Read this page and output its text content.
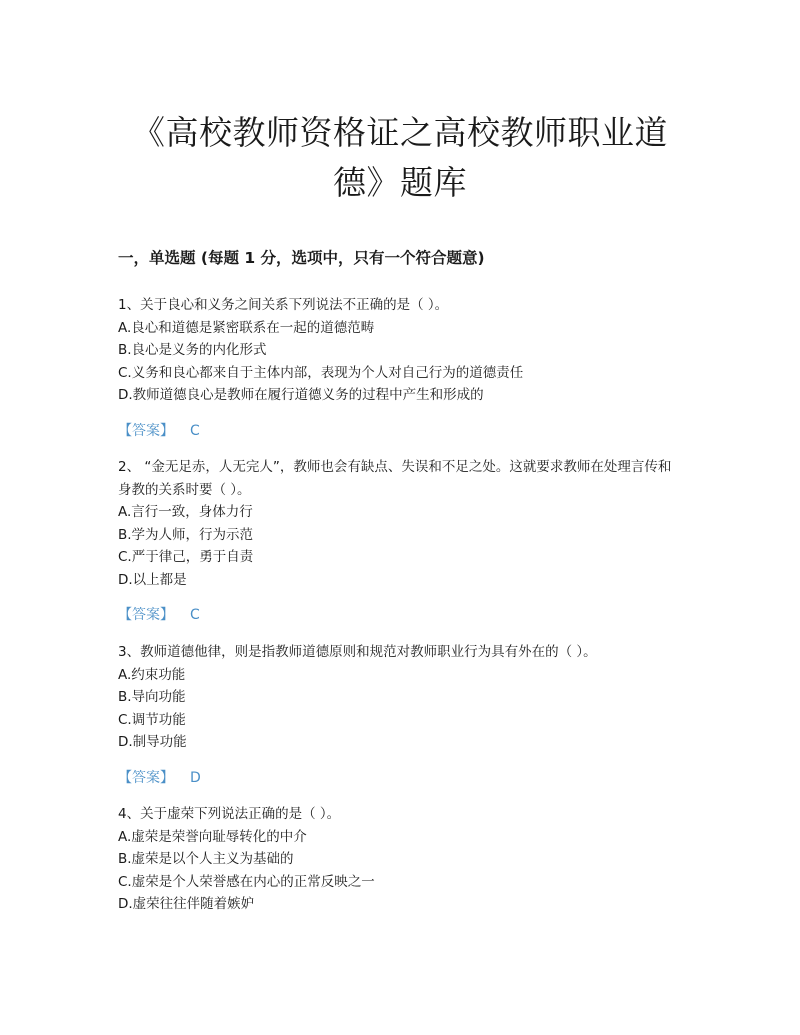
《高校教师资格证之高校教师职业道德》题库
一，单选题 (每题 1 分，选项中，只有一个符合题意)
1、关于良心和义务之间关系下列说法不正确的是（ ）。
A.良心和道德是紧密联系在一起的道德范畴
B.良心是义务的内化形式
C.义务和良心都来自于主体内部，表现为个人对自己行为的道德责任
D.教师道德良心是教师在履行道德义务的过程中产生和形成的
【答案】 C
2、 “金无足赤，人无完人”，教师也会有缺点、失误和不足之处。这就要求教师在处理言传和身教的关系时要（ ）。
A.言行一致，身体力行
B.学为人师，行为示范
C.严于律己，勇于自责
D.以上都是
【答案】 C
3、教师道德他律，则是指教师道德原则和规范对教师职业行为具有外在的（ ）。
A.约束功能
B.导向功能
C.调节功能
D.制导功能
【答案】 D
4、关于虚荣下列说法正确的是（ ）。
A.虚荣是荣誉向耻辱转化的中介
B.虚荣是以个人主义为基础的
C.虚荣是个人荣誉感在内心的正常反映之一
D.虚荣往往伴随着嫉妒
